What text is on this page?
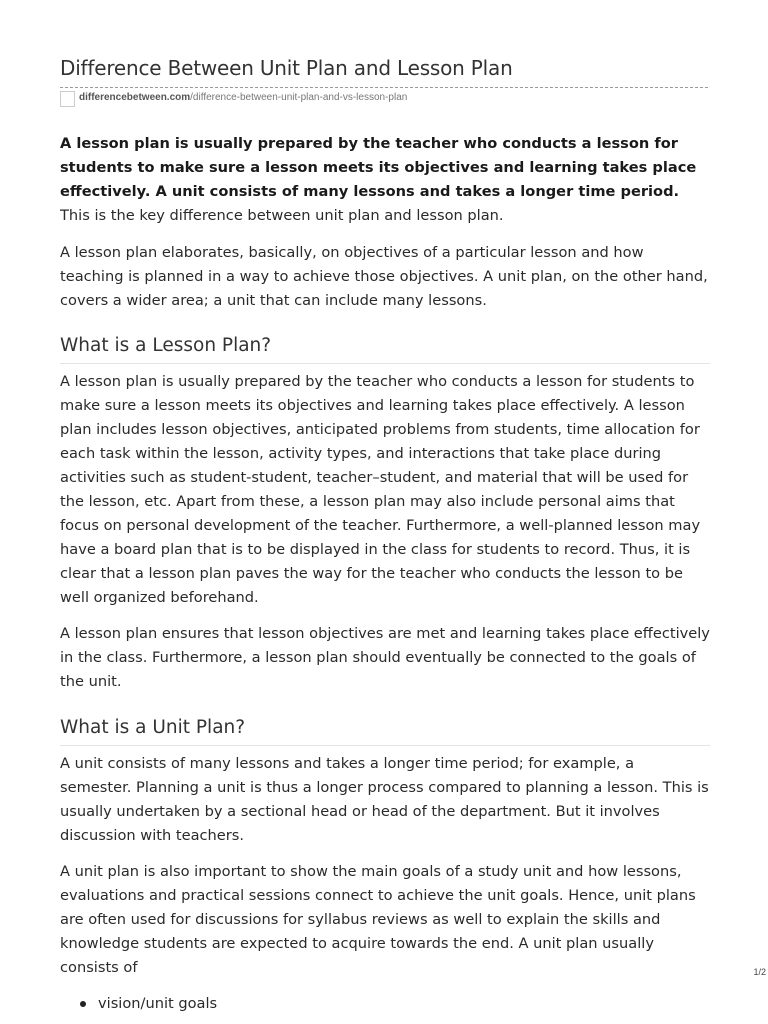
Difference Between Unit Plan and Lesson Plan
differencebetween.com/difference-between-unit-plan-and-vs-lesson-plan

A lesson plan is usually prepared by the teacher who conducts a lesson for students to make sure a lesson meets its objectives and learning takes place effectively. A unit consists of many lessons and takes a longer time period. This is the key difference between unit plan and lesson plan.

A lesson plan elaborates, basically, on objectives of a particular lesson and how teaching is planned in a way to achieve those objectives. A unit plan, on the other hand, covers a wider area; a unit that can include many lessons.

What is a Lesson Plan?

A lesson plan is usually prepared by the teacher who conducts a lesson for students to make sure a lesson meets its objectives and learning takes place effectively. A lesson plan includes lesson objectives, anticipated problems from students, time allocation for each task within the lesson, activity types, and interactions that take place during activities such as student-student, teacher–student, and material that will be used for the lesson, etc. Apart from these, a lesson plan may also include personal aims that focus on personal development of the teacher. Furthermore, a well-planned lesson may have a board plan that is to be displayed in the class for students to record. Thus, it is clear that a lesson plan paves the way for the teacher who conducts the lesson to be well organized beforehand.

A lesson plan ensures that lesson objectives are met and learning takes place effectively in the class. Furthermore, a lesson plan should eventually be connected to the goals of the unit.

What is a Unit Plan?

A unit consists of many lessons and takes a longer time period; for example, a semester. Planning a unit is thus a longer process compared to planning a lesson. This is usually undertaken by a sectional head or head of the department. But it involves discussion with teachers.

A unit plan is also important to show the main goals of a study unit and how lessons, evaluations and practical sessions connect to achieve the unit goals. Hence, unit plans are often used for discussions for syllabus reviews as well to explain the skills and knowledge students are expected to acquire towards the end. A unit plan usually consists of

vision/unit goals
1/2
